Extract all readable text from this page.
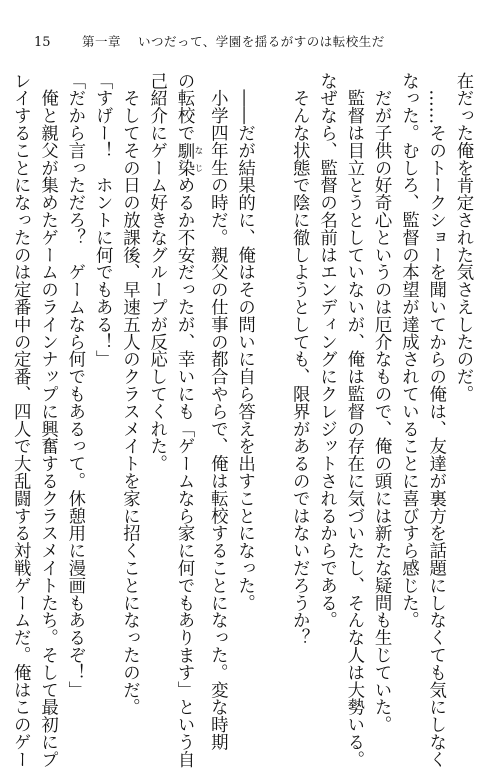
15	第一章 いつだって、学園を揺るがすのは転校生だ
在だった俺を肯定された気さえしたのだ。
　……そのトークショーを聞いてからの俺は、友達が裏方を話題にしなくても気にしなく
なった。むしろ、監督の本望が達成されていることに喜びすら感じた。
　だが子供の好奇心というのは厄介なもので、俺の頭には新たな疑問も生じていた。
　監督は目立とうとしていないが、俺は監督の存在に気づいたし、そんな人は大勢いる。
なぜなら、監督の名前はエンディングにクレジットされるからである。
　そんな状態で陰に徹しようとしても、限界があるのではないだろうか？
　――だが結果的に、俺はその問いに自ら答えを出すことになった。
　小学四年生の時だ。親父の仕事の都合やらで、俺は転校することになった。変な時期
の転校で馴染 なじめるか不安だったが、幸いにも「ゲームなら家に何でもあります」という自
己紹介にゲーム好きなグループが反応してくれた。
　そしてその日の放課後、早速五人のクラスメイトを家に招くことになったのだ。
「すげー！　ホントに何でもある！」
「だから言っただろ？　ゲームなら何でもあるって。休憩用に漫画もあるぞ！」
　俺と親父が集めたゲームのラインナップに興奮するクラスメイトたち。そして最初にプ
レイすることになったのは定番中の定番、四人で大乱闘する対戦ゲームだ。俺はこのゲー
